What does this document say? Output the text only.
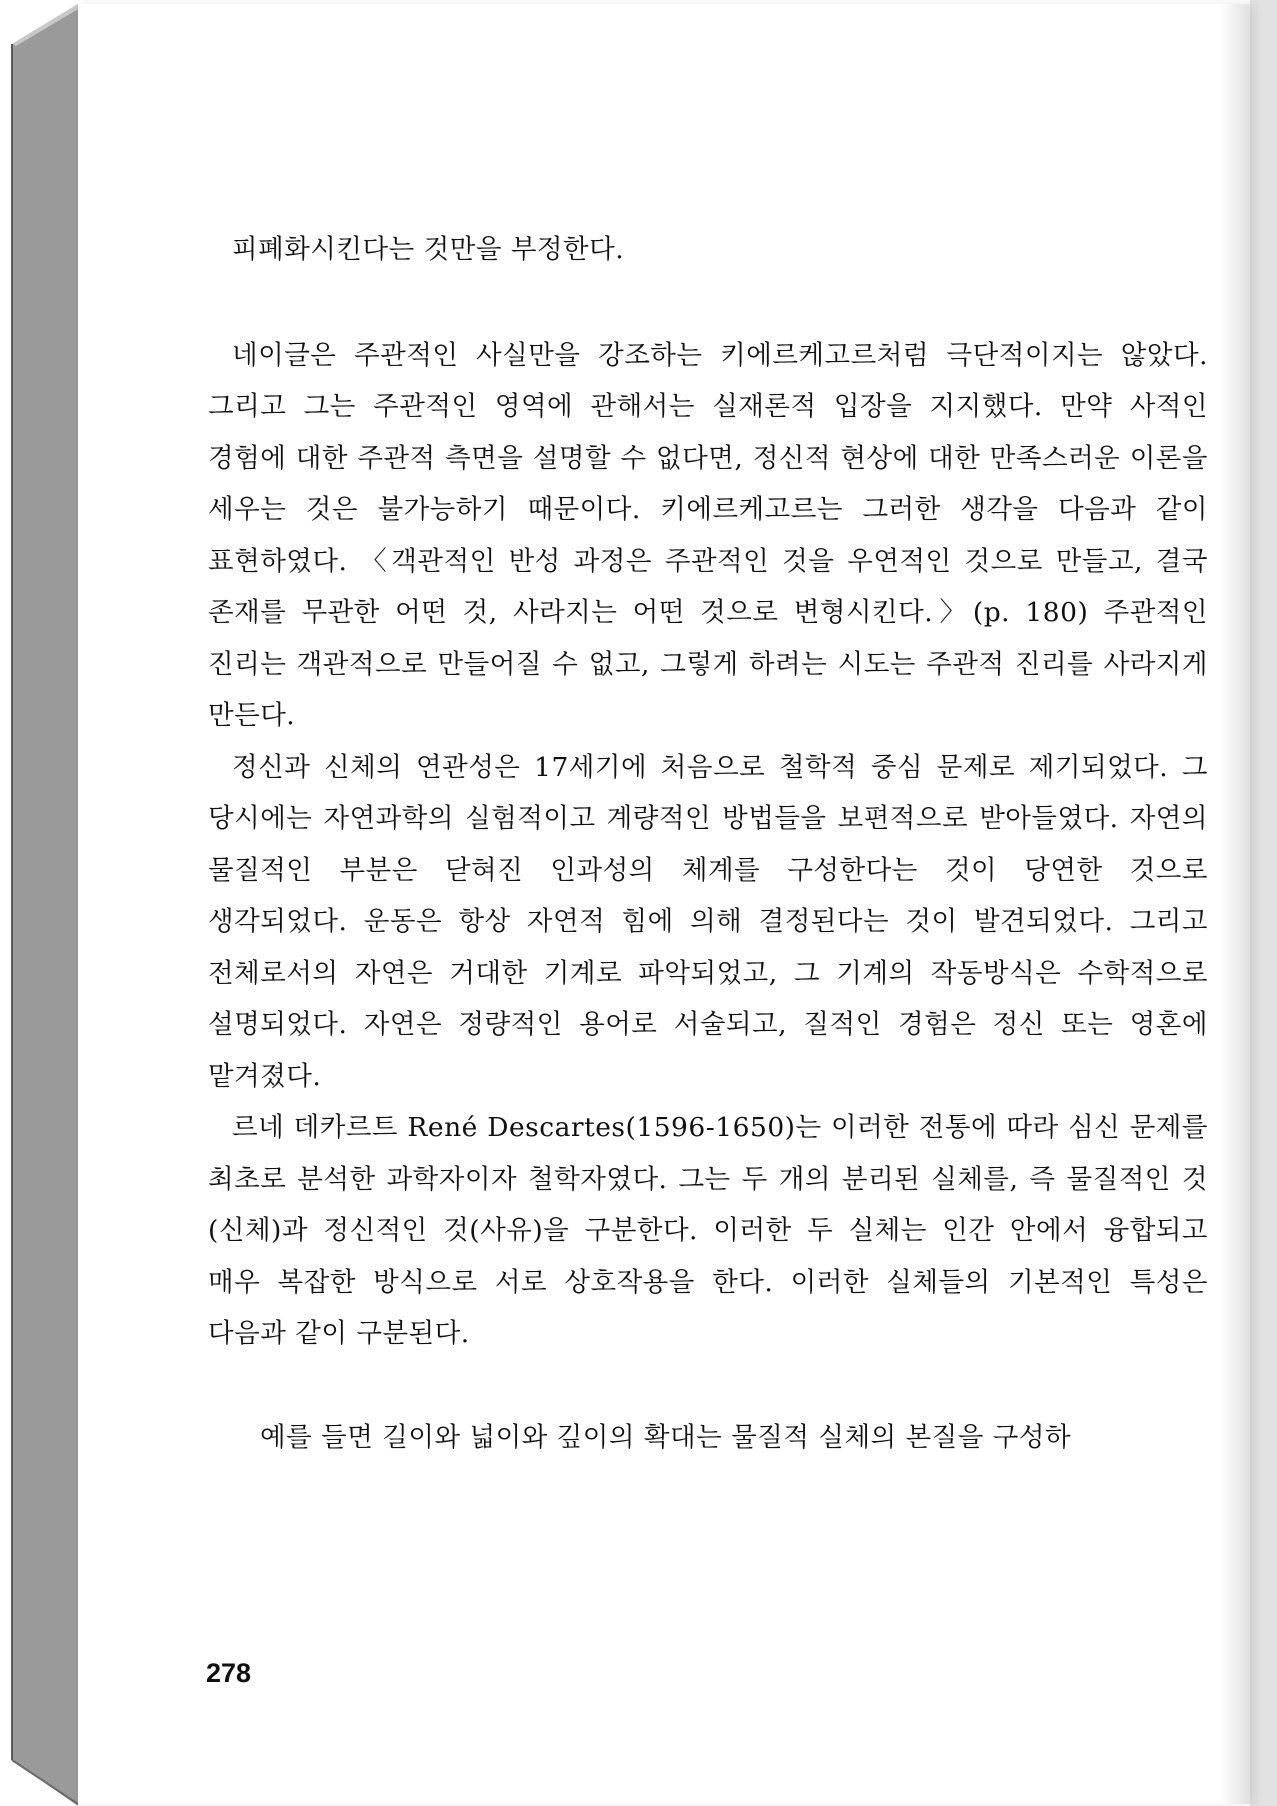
피폐화시킨다는 것만을 부정한다.

네이글은 주관적인 사실만을 강조하는 키에르케고르처럼 극단적이지는 않았다. 그리고 그는 주관적인 영역에 관해서는 실재론적 입장을 지지했다. 만약 사적인 경험에 대한 주관적 측면을 설명할 수 없다면, 정신적 현상에 대한 만족스러운 이론을 세우는 것은 불가능하기 때문이다. 키에르케고르는 그러한 생각을 다음과 같이 표현하였다. 〈객관적인 반성 과정은 주관적인 것을 우연적인 것으로 만들고, 결국 존재를 무관한 어떤 것, 사라지는 어떤 것으로 변형시킨다.〉(p. 180) 주관적인 진리는 객관적으로 만들어질 수 없고, 그렇게 하려는 시도는 주관적 진리를 사라지게 만든다.

정신과 신체의 연관성은 17세기에 처음으로 철학적 중심 문제로 제기되었다. 그 당시에는 자연과학의 실험적이고 계량적인 방법들을 보편적으로 받아들였다. 자연의 물질적인 부분은 닫혀진 인과성의 체계를 구성한다는 것이 당연한 것으로 생각되었다. 운동은 항상 자연적 힘에 의해 결정된다는 것이 발견되었다. 그리고 전체로서의 자연은 거대한 기계로 파악되었고, 그 기계의 작동방식은 수학적으로 설명되었다. 자연은 정량적인 용어로 서술되고, 질적인 경험은 정신 또는 영혼에 맡겨졌다.

르네 데카르트 René Descartes(1596-1650)는 이러한 전통에 따라 심신 문제를 최초로 분석한 과학자이자 철학자였다. 그는 두 개의 분리된 실체를, 즉 물질적인 것(신체)과 정신적인 것(사유)을 구분한다. 이러한 두 실체는 인간 안에서 융합되고 매우 복잡한 방식으로 서로 상호작용을 한다. 이러한 실체들의 기본적인 특성은 다음과 같이 구분된다.

예를 들면 길이와 넓이와 깊이의 확대는 물질적 실체의 본질을 구성하

278
